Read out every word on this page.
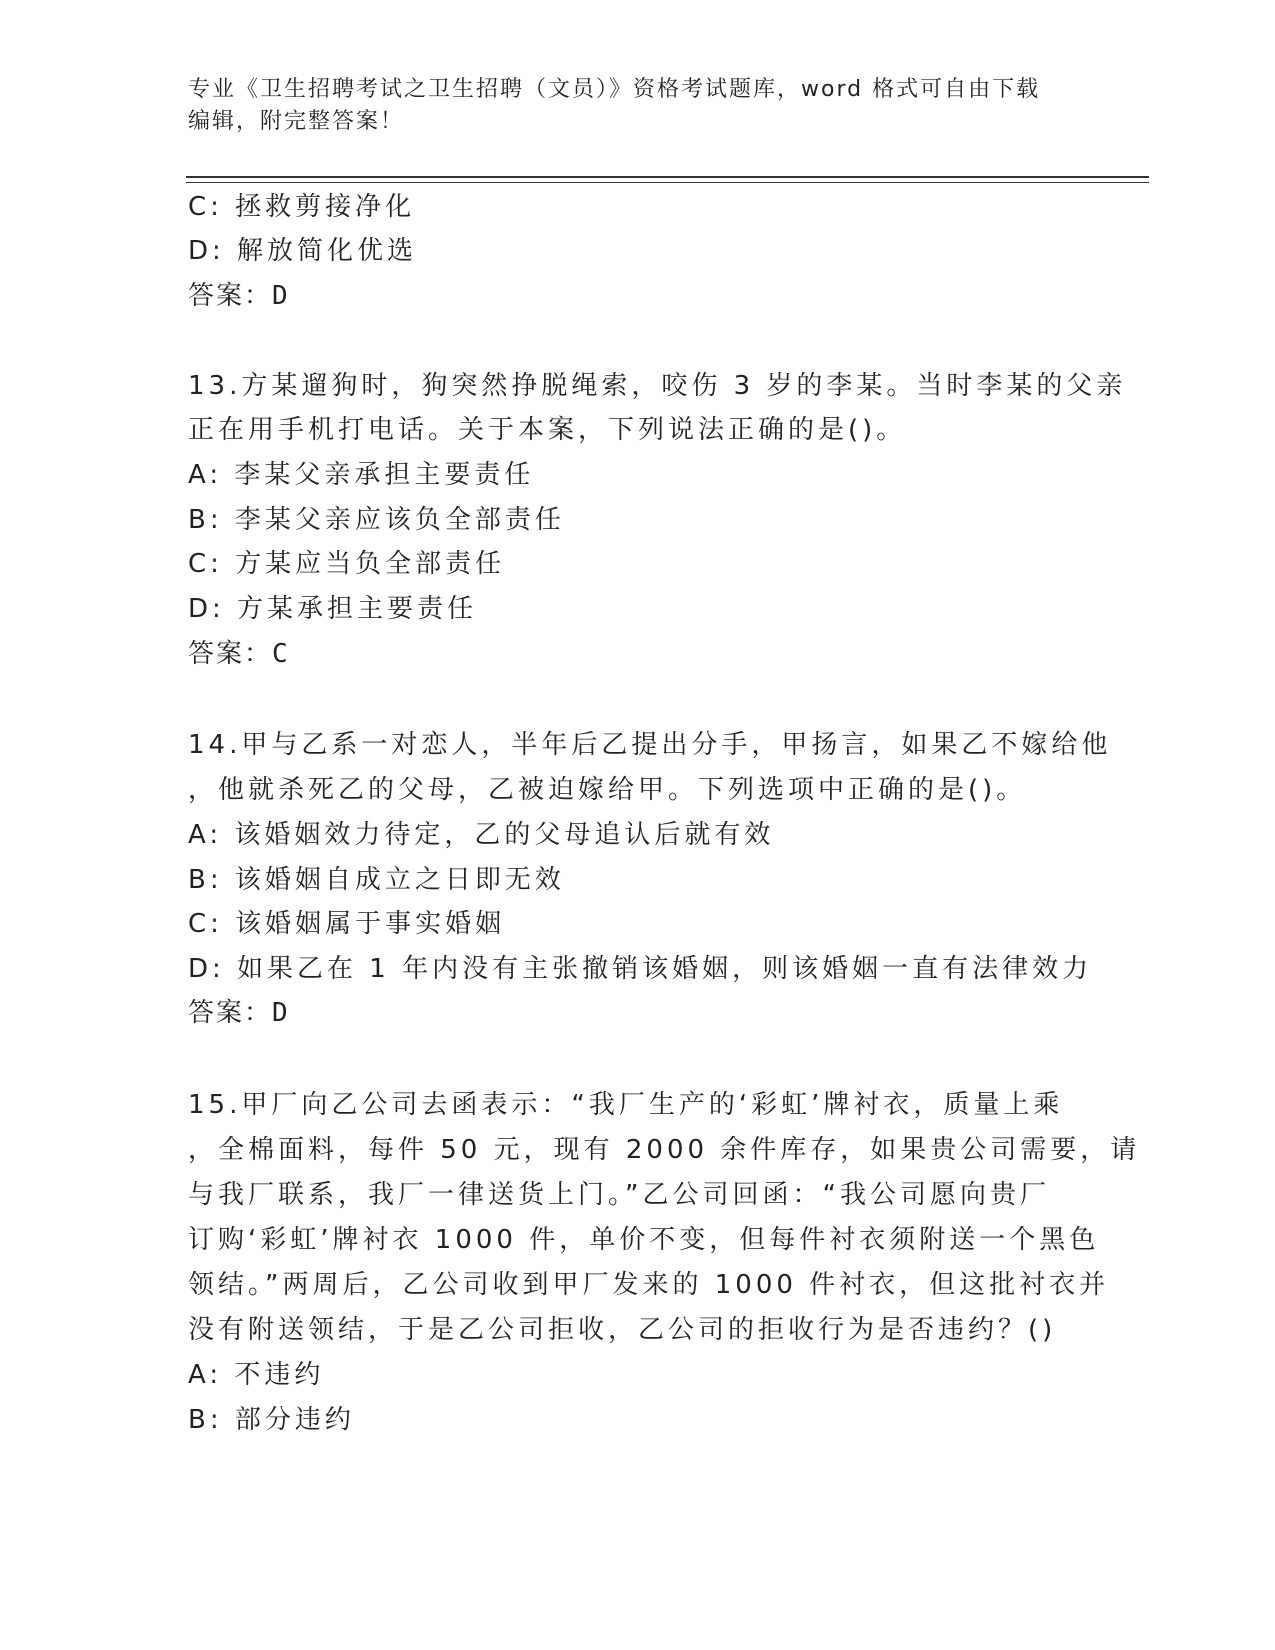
专业《卫生招聘考试之卫生招聘（文员）》资格考试题库，word 格式可自由下载
编辑，附完整答案！
C: 拯救剪接净化
D: 解放简化优选
答案：D
13.方某遛狗时，狗突然挣脱绳索，咬伤 3 岁的李某。当时李某的父亲
正在用手机打电话。关于本案，下列说法正确的是()。
A: 李某父亲承担主要责任
B: 李某父亲应该负全部责任
C: 方某应当负全部责任
D: 方某承担主要责任
答案：C
14.甲与乙系一对恋人，半年后乙提出分手，甲扬言，如果乙不嫁给他
，他就杀死乙的父母，乙被迫嫁给甲。下列选项中正确的是()。
A: 该婚姻效力待定，乙的父母追认后就有效
B: 该婚姻自成立之日即无效
C: 该婚姻属于事实婚姻
D: 如果乙在 1 年内没有主张撤销该婚姻，则该婚姻一直有法律效力
答案：D
15.甲厂向乙公司去函表示：“我厂生产的‘彩虹’牌衬衣，质量上乘
，全棉面料，每件 50 元，现有 2000 余件库存，如果贵公司需要，请
与我厂联系，我厂一律送货上门。”乙公司回函：“我公司愿向贵厂
订购‘彩虹’牌衬衣 1000 件，单价不变，但每件衬衣须附送一个黑色
领结。”两周后，乙公司收到甲厂发来的 1000 件衬衣，但这批衬衣并
没有附送领结，于是乙公司拒收，乙公司的拒收行为是否违约？()
A: 不违约
B: 部分违约
